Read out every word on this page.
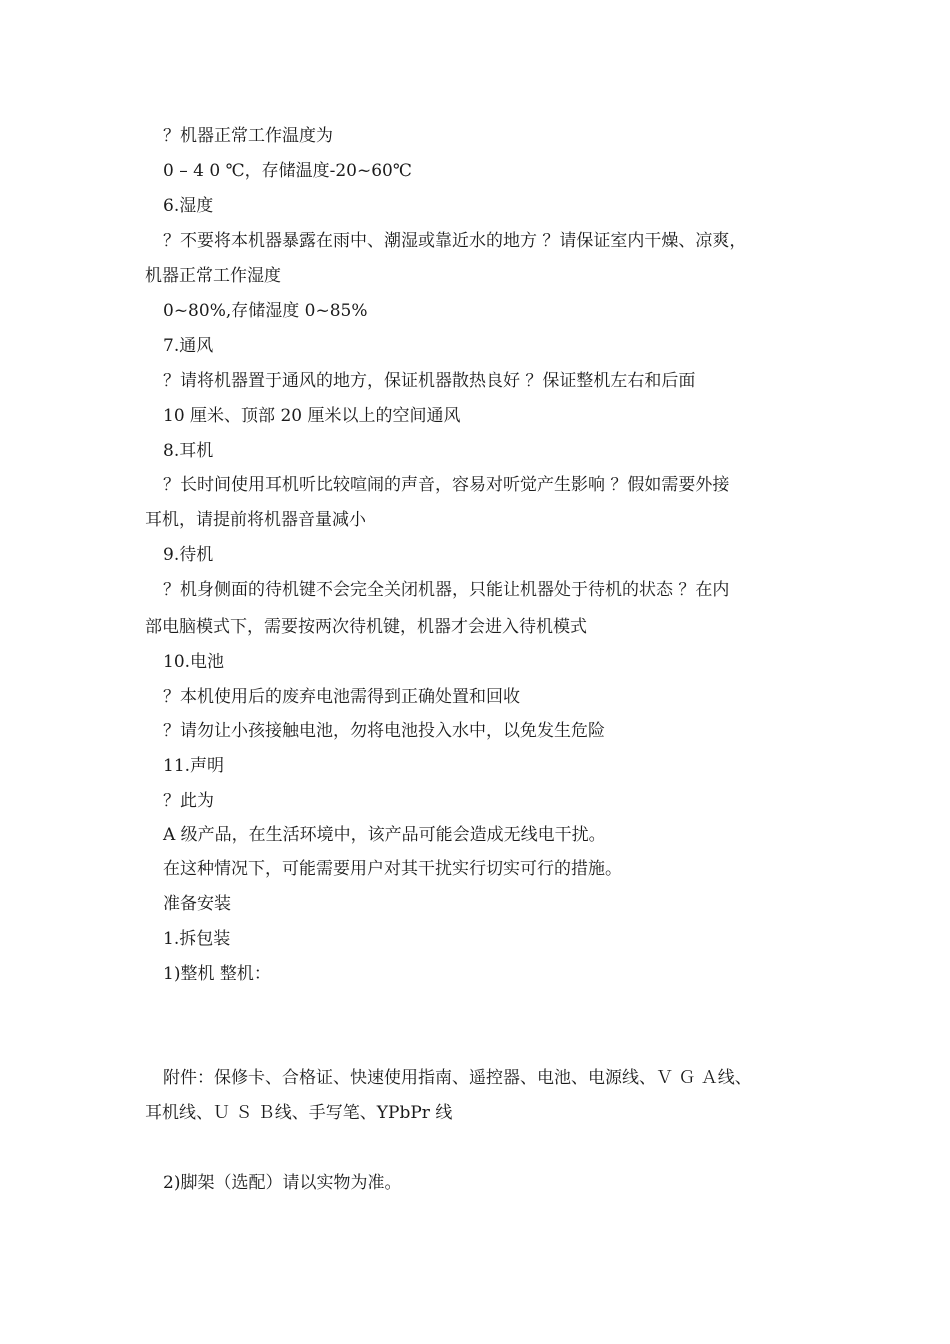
？机器正常工作温度为
0 – 4 0 ℃，存储温度-20~60℃
6.湿度
？不要将本机器暴露在雨中、潮湿或靠近水的地方 ？请保证室内干燥、凉爽，
机器正常工作湿度
0~80%,存储湿度 0~85%
7.通风
？请将机器置于通风的地方，保证机器散热良好 ？保证整机左右和后面
10 厘米、顶部 20 厘米以上的空间通风
8.耳机
？长时间使用耳机听比较喧闹的声音，容易对听觉产生影响 ？假如需要外接
耳机，请提前将机器音量减小
9.待机
？机身侧面的待机键不会完全关闭机器，只能让机器处于待机的状态 ？在内
部电脑模式下，需要按两次待机键，机器才会进入待机模式
10.电池
？本机使用后的废弃电池需得到正确处置和回收
？请勿让小孩接触电池，勿将电池投入水中，以免发生危险
11.声明
？此为
A 级产品，在生活环境中，该产品可能会造成无线电干扰。
在这种情况下，可能需要用户对其干扰实行切实可行的措施。
准备安装
1.拆包装
1)整机 整机：
附件：保修卡、合格证、快速使用指南、遥控器、电池、电源线、Ｖ Ｇ Ａ线、
耳机线、Ｕ Ｓ Ｂ线、手写笔、YPbPr 线
2)脚架（选配）请以实物为准。
